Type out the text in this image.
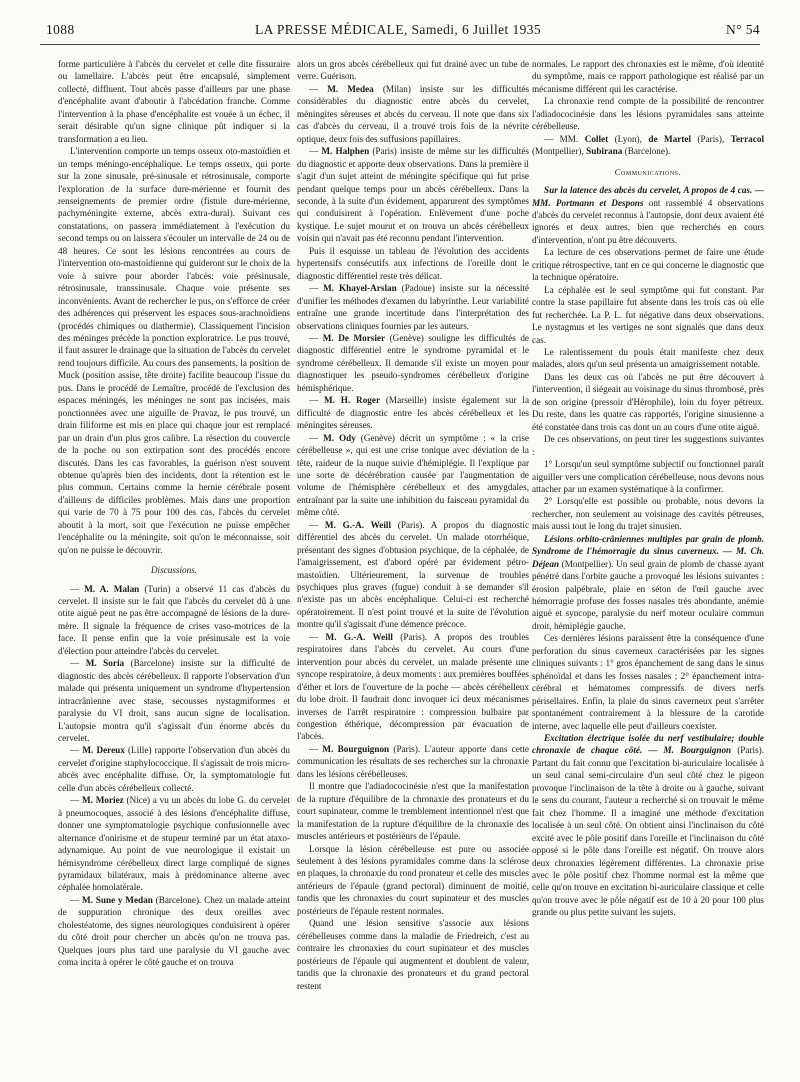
1088	LA PRESSE MÉDICALE, Samedi, 6 Juillet 1935	N° 54

forme particulière à l'abcès du cervelet et celle dite fissuraire ou lamellaire. L'abcès peut être encapsulé, simplement collecté, diffluent. Tout abcès passe d'ailleurs par une phase d'encéphalite avant d'aboutir à l'abcédation franche. Comme l'intervention à la phase d'encéphalite est vouée à un échec, il serait désirable qu'un signe clinique pût indiquer si la transformation a eu lieu.

L'intervention comporte un temps osseux oto-mastoïdien et un temps méningo-encéphalique. Le temps osseux, qui porte sur la zone sinusale, pré-sinusale et rétrosinusale, comporte l'exploration de la surface dure-mérienne et fournit des renseignements de premier ordre (fistule dure-mérienne, pachyméningite externe, abcès extra-dural). Suivant ces constatations, on passera immédiatement à l'exécution du second temps ou on laissera s'écouler un intervalle de 24 ou de 48 heures. Ce sont les lésions rencontrées au cours de l'intervention oto-mastoïdienne qui guideront sur le choix de la voie à suivre pour aborder l'abcès: voie présinusale, rétrosinusale, transsinusale. Chaque voie présente ses inconvénients. Avant de rechercher le pus, on s'efforce de créer des adhérences qui préservent les espaces sous-arachnoïdiens (procédés chimiques ou diathermie). Classiquement l'incision des méninges précède la ponction exploratrice. Le pus trouvé, il faut assurer le drainage que la situation de l'abcès du cervelet rend toujours difficile. Au cours des pansements, la position de Muck (position assise, tête droite) facilite beaucoup l'issue du pus. Dans le procédé de Lemaître, procédé de l'exclusion des espaces méningés, les méninges ne sont pas incisées, mais ponctionnées avec une aiguille de Pravaz, le pus trouvé, un drain filiforme est mis en place qui chaque jour est remplacé par un drain d'un plus gros calibre. La résection du couvercle de la poche ou son extirpation sont des procédés encore discutés. Dans les cas favorables, la guérison n'est souvent obtenue qu'après bien des incidents, dont la rétention est le plus commun. Certains comme la hernie cérébrale posent d'ailleurs de difficiles problèmes. Mais dans une proportion qui varie de 70 à 75 pour 100 des cas, l'abcès du cervelet aboutit à la mort, soit que l'exécution ne puisse empêcher l'encéphalite ou la méningite, soit qu'on le méconnaisse, soit qu'on ne puisse le découvrir.

Discussions.

— M. A. Malan (Turin) a observé 11 cas d'abcès du cervelet. Il insiste sur le fait que l'abcès du cervelet dû à une otite aiguë peut ne pas être accompagné de lésions de la dure-mère. Il signale la fréquence de crises vaso-motrices de la face. Il pense enfin que la voie présinusale est la voie d'élection pour atteindre l'abcès du cervelet.

— M. Soria (Barcelone) insiste sur la difficulté de diagnostic des abcès cérébelleux. Il rapporte l'observation d'un malade qui présenta uniquement un syndrome d'hypertension intracrânienne avec stase, secousses nystagmiformes et paralysie du VI droit, sans aucun signe de localisation. L'autopsie montra qu'il s'agissait d'un énorme abcès du cervelet.

— M. Dereux (Lille) rapporte l'observation d'un abcès du cervelet d'origine staphylococcique. Il s'agissait de trois micro-abcès avec encéphalite diffuse. Or, la symptomatologie fut celle d'un abcès cérébelleux collecté.

— M. Moriez (Nice) a vu un abcès du lobe G. du cervelet à pneumocoques, associé à des lésions d'encéphalite diffuse, donner une symptomatologie psychique confusionnelle avec alternance d'onirisme et de stupeur terminé par un état ataxo-adynamique. Au point de vue neurologique il existait un hémisyndrome cérébelleux direct large compliqué de signes pyramidaux bilatéraux, mais à prédominance alterne avec céphalée homolatérale.

— M. Sune y Medan (Barcelone). Chez un malade atteint de suppuration chronique des deux oreilles avec cholestéatome, des signes neurologiques conduisirent à opérer du côté droit pour chercher un abcès qu'on ne trouva pas. Quelques jours plus tard une paralysie du VI gauche avec coma incita à opérer le côté gauche et on trouva

alors un gros abcès cérébelleux qui fut drainé avec un tube de verre. Guérison.

— M. Medea (Milan) insiste sur les difficultés considérables du diagnostic entre abcès du cervelet, méningites séreuses et abcès du cerveau. Il note que dans six cas d'abcès du cerveau, il a trouvé trois fois de la névrite optique, deux fois des suffusions papillaires.

— M. Halphen (Paris) insiste de même sur les difficultés du diagnostic et apporte deux observations. Dans la première il s'agit d'un sujet atteint de méningite spécifique qui fut prise pendant quelque temps pour un abcès cérébelleux. Dans la seconde, à la suite d'un évidement, apparurent des symptômes qui conduisirent à l'opération. Enlèvement d'une poche kystique. Le sujet mourut et on trouva un abcès cérébelleux voisin qui n'avait pas été reconnu pendant l'intervention.

Puis il esquisse un tableau de l'évolution des accidents hypertensifs consécutifs aux infections de l'oreille dont le diagnostic différentiel reste très délicat.

— M. Khayel-Arslan (Padoue) insiste sur la nécessité d'unifier les méthodes d'examen du labyrinthe. Leur variabilité entraîne une grande incertitude dans l'interprétation des observations cliniques fournies par les auteurs.

— M. De Morsier (Genève) souligne les difficultés de diagnostic différentiel entre le syndrome pyramidal et le syndrome cérébelleux. Il demande s'il existe un moyen pour diagnostiquer les pseudo-syndromes cérébelleux d'origine hémisphérique.

— M. H. Roger (Marseille) insiste également sur la difficulté de diagnostic entre les abcès cérébelleux et les méningites séreuses.

— M. Ody (Genève) décrit un symptôme : « la crise cérébelleuse », qui est une crise tonique avec déviation de la tête, raideur de la nuque suivie d'hémiplégie. Il l'explique par une sorte de décérébration causée par l'augmentation de volume de l'hémisphère cérébelleux et des amygdales, entraînant par la suite une inhibition du faisceau pyramidal du même côté.

— M. G.-A. Weill (Paris). A propos du diagnostic différentiel des abcès du cervelet. Un malade otorrhéique, présentant des signes d'obtusion psychique, de la céphalée, de l'amaigrissement, est d'abord opéré par évidement pétro-mastoïdien. Ultérieurement, la survenue de troubles psychiques plus graves (fugue) conduit à se demander s'il n'existe pas un abcès encéphalique. Celui-ci est recherché opératoirement. Il n'est point trouvé et la suite de l'évolution montre qu'il s'agissait d'une démence précoce.

— M. G.-A. Weill (Paris). A propos des troubles respiratoires dans l'abcès du cervelet. Au cours d'une intervention pour abcès du cervelet, un malade présente une syncope respiratoire, à deux moments : aux premières bouffées d'éther et lors de l'ouverture de la poche — abcès cérébelleux du lobe droit. Il faudrait donc invoquer ici deux mécanismes inverses de l'arrêt respiratoire : compression bulbaire par congestion éthérique, décompression par évacuation de l'abcès.

— M. Bourguignon (Paris). L'auteur apporte dans cette communication les résultats de ses recherches sur la chronaxie dans les lésions cérébelleuses.

Il montre que l'adiadococinésie n'est que la manifestation de la rupture d'équilibre de la chronaxie des pronateurs et du court supinateur, comme le tremblement intentionnel n'est que la manifestation de la rupture d'équilibre de la chronaxie des muscles antérieurs et postérieurs de l'épaule.

Lorsque la lésion cérébelleuse est pure ou associée seulement à des lésions pyramidales comme dans la sclérose en plaques, la chronaxie du rond pronateur et celle des muscles antérieurs de l'épaule (grand pectoral) diminuent de moitié, tandis que les chronaxies du court supinateur et des muscles postérieurs de l'épaule restent normales.

Quand une lésion sensitive s'associe aux lésions cérébelleuses comme dans la maladie de Friedreich, c'est au contraire les chronaxies du court supinateur et des muscles postérieurs de l'épaule qui augmentent et doublent de valeur, tandis que la chronaxie des pronateurs et du grand pectoral restent

normales. Le rapport des chronaxies est le même, d'où identité du symptôme, mais ce rapport pathologique est réalisé par un mécanisme différent qui les caractérise.

La chronaxie rend compte de la possibilité de rencontrer l'adiadococinésie dans les lésions pyramidales sans atteinte cérébelleuse.

— MM. Collet (Lyon), de Martel (Paris), Terracol (Montpellier), Subirana (Barcelone).

Communications.

Sur la latence des abcès du cervelet, A propos de 4 cas. — MM. Portmann et Despons ont rassemblé 4 observations d'abcès du cervelet reconnus à l'autopsie, dont deux avaient été ignorés et deux autres, bien que recherchés en cours d'intervention, n'ont pu être découverts.

La lecture de ces observations permet de faire une étude critique rétrospective, tant en ce qui concerne le diagnostic que la technique opératoire.

La céphalée est le seul symptôme qui fut constant. Par contre la stase papillaire fut absente dans les trois cas où elle fut recherchée. La P. L. fut négative dans deux observations. Le nystagmus et les vertiges ne sont signalés que dans deux cas.

Le ralentissement du pouls était manifeste chez deux malades, alors qu'un seul présenta un amaigrissement notable.

Dans les deux cas où l'abcès ne put être découvert à l'intervention, il siégeait au voisinage du sinus thrombosé, près de son origine (pressoir d'Hérophile), loin du foyer pétreux. Du reste, dans les quatre cas rapportés, l'origine sinusienne a été constatée dans trois cas dont un au cours d'une otite aiguë.

De ces observations, on peut tirer les suggestions suivantes :

1° Lorsqu'un seul symptôme subjectif ou fonctionnel paraît aiguiller vers une complication cérébelleuse, nous devons nous attacher par un examen systématique à la confirmer.

2° Lorsqu'elle est possible ou probable, nous devons la rechercher, non seulement au voisinage des cavités pétreuses, mais aussi tout le long du trajet sinusien.

Lésions orbito-crâniennes multiples par grain de plomb. Syndrome de l'hémorragie du sinus caverneux. — M. Ch. Déjean (Montpellier). Un seul grain de plomb de chasse ayant pénétré dans l'orbite gauche a provoqué les lésions suivantes : érosion palpébrale, plaie en séton de l'œil gauche avec hémorragie profuse des fosses nasales très abondante, anémie aiguë et syncope, paralysie du nerf moteur oculaire commun droit, hémiplégie gauche.

Ces dernières lésions paraissent être la conséquence d'une perforation du sinus caverneux caractérisées par les signes cliniques suivants : 1° gros épanchement de sang dans le sinus sphénoïdal et dans les fosses nasales ; 2° épanchement intra-cérébral et hématomes compressifs de divers nerfs périsellaires. Enfin, la plaie du sinus caverneux peut s'arrêter spontanément contrairement à la blessure de la carotide interne, avec laquelle elle peut d'ailleurs coexister.

Excitation électrique isolée du nerf vestibulaire; double chronaxie de chaque côté. — M. Bourguignon (Paris). Partant du fait connu que l'excitation bi-auriculaire localisée à un seul canal semi-circulaire d'un seul côté chez le pigeon provoque l'inclinaison de la tête à droite ou à gauche, suivant le sens du courant, l'auteur a recherché si on trouvait le même fait chez l'homme. Il a imaginé une méthode d'excitation localisée à un seul côté. On obtient ainsi l'inclinaison du côté excité avec le pôle positif dans l'oreille et l'inclinaison du côté opposé si le pôle dans l'oreille est négatif. On trouve alors deux chronaxies légèrement différentes. La chronaxie prise avec le pôle positif chez l'homme normal est la même que celle qu'on trouve en excitation bi-auriculaire classique et celle qu'on trouve avec le pôle négatif est de 10 à 20 pour 100 plus grande ou plus petite suivant les sujets.
